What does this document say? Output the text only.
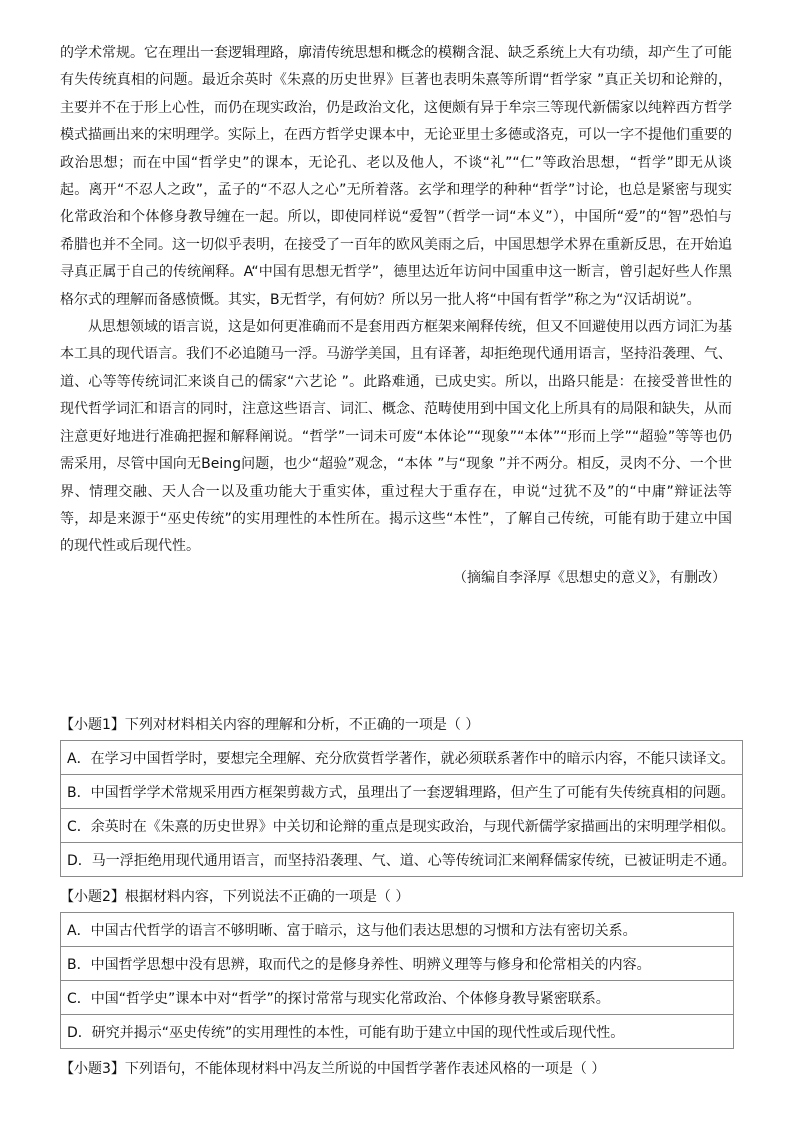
的学术常规。它在理出一套逻辑理路，廓清传统思想和概念的模糊含混、缺乏系统上大有功绩，却产生了可能有失传统真相的问题。最近余英时《朱熹的历史世界》巨著也表明朱熹等所谓“哲学家 ”真正关切和论辩的，主要并不在于形上心性，而仍在现实政治，仍是政治文化，这便颇有异于牟宗三等现代新儒家以纯粹西方哲学模式描画出来的宋明理学。实际上，在西方哲学史课本中，无论亚里士多德或洛克，可以一字不提他们重要的政治思想；而在中国“哲学史”的课本，无论孔、老以及他人，不谈“礼”“仁”等政治思想，“哲学”即无从谈起。离开“不忍人之政”，孟子的“不忍人之心”无所着落。玄学和理学的种种“哲学”讨论，也总是紧密与现实化常政治和个体修身教导缠在一起。所以，即使同样说“爱智”（哲学一词“本义”），中国所“爱”的“智”恐怕与希腊也并不全同。这一切似乎表明，在接受了一百年的欧风美雨之后，中国思想学术界在重新反思，在开始追寻真正属于自己的传统阐释。A“中国有思想无哲学”，德里达近年访问中国重申这一断言，曾引起好些人作黑格尔式的理解而备感愤慨。其实，B无哲学，有何妨？所以另一批人将“中国有哲学”称之为“汉话胡说”。

从思想领域的语言说，这是如何更准确而不是套用西方框架来阐释传统，但又不回避使用以西方词汇为基本工具的现代语言。我们不必追随马一浮。马游学美国，且有译著，却拒绝现代通用语言，坚持沿袭理、气、道、心等等传统词汇来谈自己的儒家“六艺论 ”。此路难通，已成史实。所以，出路只能是：在接受普世性的现代哲学词汇和语言的同时，注意这些语言、词汇、概念、范畴使用到中国文化上所具有的局限和缺失，从而注意更好地进行准确把握和解释阐说。“哲学”一词未可废“本体论”“现象”“本体”“形而上学”“超验”等等也仍需采用，尽管中国向无Being问题，也少“超验”观念，“本体 ”与“现象 ”并不两分。相反，灵肉不分、一个世界、情理交融、天人合一以及重功能大于重实体，重过程大于重存在，申说“过犹不及”的“中庸”辩证法等等，却是来源于“巫史传统”的实用理性的本性所在。揭示这些“本性”，了解自己传统，可能有助于建立中国的现代性或后现代性。

（摘编自李泽厚《思想史的意义》，有删改）

【小题1】下列对材料相关内容的理解和分析，不正确的一项是（ ）

A．在学习中国哲学时，要想完全理解、充分欣赏哲学著作，就必须联系著作中的暗示内容，不能只读译文。
B．中国哲学学术常规采用西方框架剪裁方式，虽理出了一套逻辑理路，但产生了可能有失传统真相的问题。
C．余英时在《朱熹的历史世界》中关切和论辩的重点是现实政治，与现代新儒学家描画出的宋明理学相似。
D．马一浮拒绝用现代通用语言，而坚持沿袭理、气、道、心等传统词汇来阐释儒家传统，已被证明走不通。

【小题2】根据材料内容，下列说法不正确的一项是（ ）

A．中国古代哲学的语言不够明晰、富于暗示，这与他们表达思想的习惯和方法有密切关系。
B．中国哲学思想中没有思辨，取而代之的是修身养性、明辨义理等与修身和伦常相关的内容。
C．中国“哲学史”课本中对“哲学”的探讨常常与现实化常政治、个体修身教导紧密联系。
D．研究并揭示“巫史传统”的实用理性的本性，可能有助于建立中国的现代性或后现代性。

【小题3】下列语句，不能体现材料中冯友兰所说的中国哲学著作表述风格的一项是（ ）
